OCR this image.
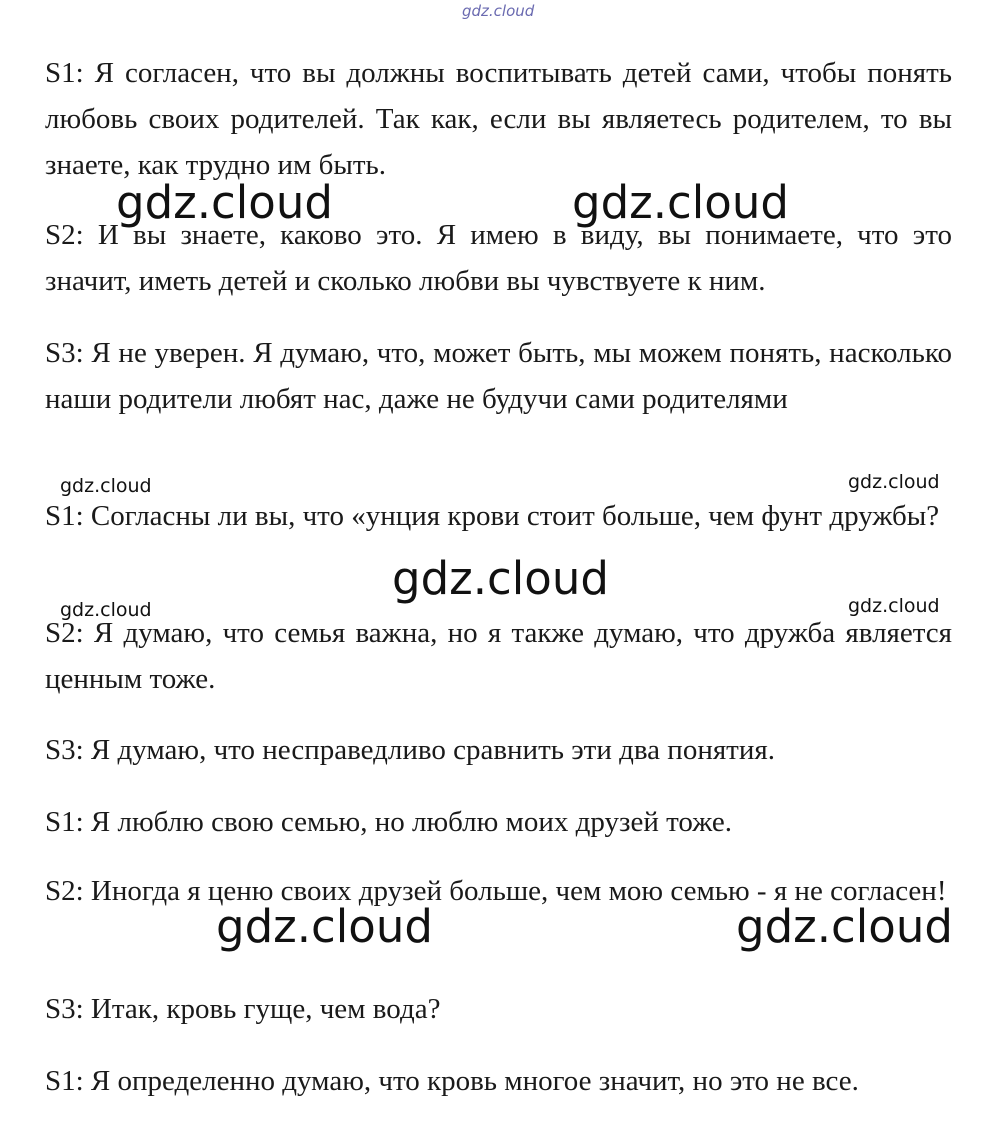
gdz.cloud

S1: Я согласен, что вы должны воспитывать детей сами, чтобы понять любовь своих родителей. Так как, если вы являетесь родителем, то вы знаете, как трудно им быть.

gdz.cloud	gdz.cloud

S2: И вы знаете, каково это. Я имею в виду, вы понимаете, что это значит, иметь детей и сколько любви вы чувствуете к ним.

S3: Я не уверен. Я думаю, что, может быть, мы можем понять, насколько наши родители любят нас, даже не будучи сами родителями

gdz.cloud	gdz.cloud

S1: Согласны ли вы, что «унция крови стоит больше, чем фунт дружбы?

gdz.cloud
gdz.cloud	gdz.cloud

S2: Я думаю, что семья важна, но я также думаю, что дружба является ценным тоже.

S3: Я думаю, что несправедливо сравнить эти два понятия.

S1: Я люблю свою семью, но люблю моих друзей тоже.

S2: Иногда я ценю своих друзей больше, чем мою семью - я не согласен!

gdz.cloud	gdz.cloud

S3: Итак, кровь гуще, чем вода?

S1: Я определенно думаю, что кровь многое значит, но это не все.
